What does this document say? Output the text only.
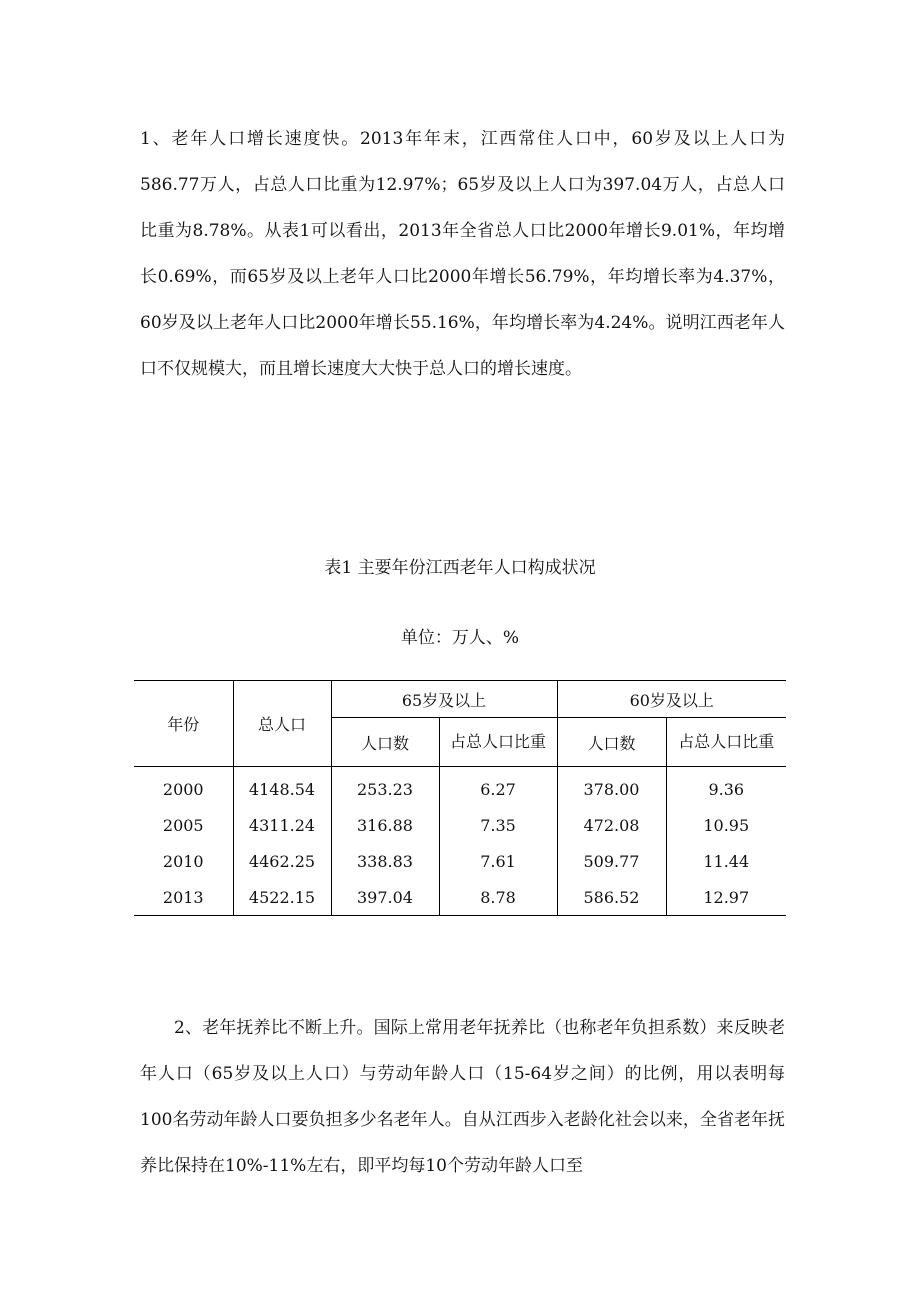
1、老年人口增长速度快。2013年年末，江西常住人口中，60岁及以上人口为586.77万人，占总人口比重为12.97%；65岁及以上人口为397.04万人，占总人口比重为8.78%。从表1可以看出，2013年全省总人口比2000年增长9.01%，年均增长0.69%，而65岁及以上老年人口比2000年增长56.79%，年均增长率为4.37%，60岁及以上老年人口比2000年增长55.16%，年均增长率为4.24%。说明江西老年人口不仅规模大，而且增长速度大大快于总人口的增长速度。

表1 主要年份江西老年人口构成状况

单位：万人、%

年份	总人口	65岁及以上		60岁及以上	
		人口数	占总人口比重	人口数	占总人口比重
2000	4148.54	253.23	6.27	378.00	9.36
2005	4311.24	316.88	7.35	472.08	10.95
2010	4462.25	338.83	7.61	509.77	11.44
2013	4522.15	397.04	8.78	586.52	12.97

2、老年抚养比不断上升。国际上常用老年抚养比（也称老年负担系数）来反映老年人口（65岁及以上人口）与劳动年龄人口（15-64岁之间）的比例，用以表明每100名劳动年龄人口要负担多少名老年人。自从江西步入老龄化社会以来，全省老年抚养比保持在10%-11%左右，即平均每10个劳动年龄人口至
